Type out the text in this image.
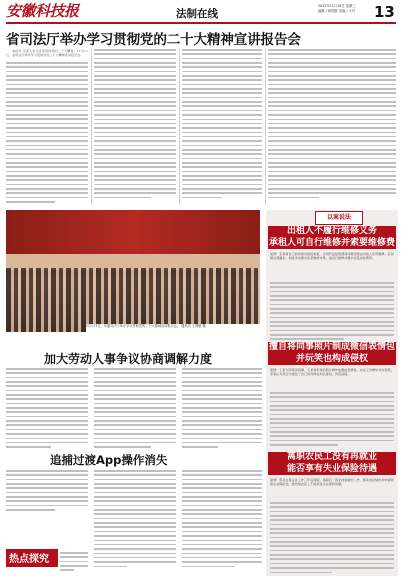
安徽科技报	法制在线
2022年11月16日 星期三
编辑 / 黄国胜 美编 / 小付 13
省司法厅举办学习贯彻党的二十大精神宣讲报告会
本报讯 为深入学习宣传贯彻党的二十大精神，11月11日，省司法厅举办学习贯彻党的二十大精神宣讲报告会。
11月11日，安徽司法厅举办学习贯彻党的二十大精神宣讲报告会。 通讯员 王慧敏 摄
加大劳动人事争议协商调解力度
追捕过渡App操作消失
热点探究
以案说法
出租人不履行维修义务
承租人可自行维修并索要维修费
案情：张某将自己的房屋出租给刘某，合同约定租赁期间房屋设施由出租人负责维修。后房屋出现漏水，刘某多次要求张某维修未果，遂自行维修并要求张某承担费用。
擅自将同事照片制成微信表情包
并玩笑也构成侵权
案情：王某与李某是同事，王某将李某的照片制作成微信表情包，并在工作群中多次使用，李某认为其行为侵犯了自己的肖像权和名誉权，诉至法院。
离职农民工没有再就业
能否享有失业保险待遇
案情：陈某在某企业工作三年后离职，离职后一直未找到新的工作，陈某向社保机构申请领取失业保险金，被告知农民工不能享受失业保险待遇。
